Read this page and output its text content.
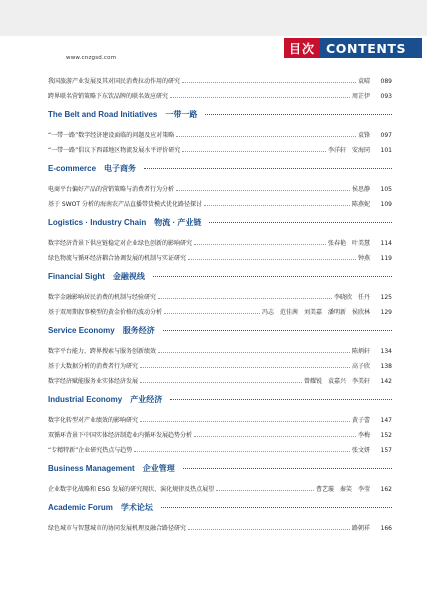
www.cnzgsd.com
目次 CONTENTS
我国旅游产业发展及其对国民消费拉动作用的研究	袁晴	089
跨界联名营销策略下东饮品牌的联名效应研究	周芷伊	093
The Belt and Road Initiatives  一带一路
“一带一路”数字经济建设面临的问题及应对策略	袁锋	097
“一带一路”倡议下西部地区物流发展水平评价研究	李洋轩　安海同	101
E-commerce  电子商务
电商平台偏好产品的营销策略与消费者行为分析	侯思静	105
基于 SWOT 分析的海南农产品直播带货模式优化路径探讨	陈燕妮	109
Logistics · Industry Chain  物流 · 产业链
数字经济背景下供应链稳定对企业绿色创新的影响研究	张春艳　叶美慧	114
绿色物流与循环经济耦合协调发展的机制与实证研究	钟燕	119
Financial Sight  金融视线
数字金融影响居民消费的机制与经验研究	李晓欣　任丹	125
基于双周期叙事模型的黄金价格的波动分析	冯志　范佳茜　刘美嘉　潘明新　侯欣林	129
Service Economy  服务经济
数字平台能力、跨界搜索与服务创新绩效	陈炳轩	134
基于大数据分析的消费者行为研究	高子欣	138
数字经济赋能服务业实体经济发展	曾耀锐　袁嘉兴　李美轩	142
Industrial Economy  产业经济
数字化转型对产业绩效的影响研究	黄子蕾	147
双循环背景下中国实体经济制造业内循环发展趋势分析	李梅	152
“专精特新”企业研究热点与趋势	张文妍	157
Business Management  企业管理
企业数字化战略和 ESG 发展的研究现状、演化规律及热点展望	曹艺璇　秦笑　李莹	162
Academic Forum  学术论坛
绿色城市与智慧城市的协同发展机理及融合路径研究	路朝祥	166
